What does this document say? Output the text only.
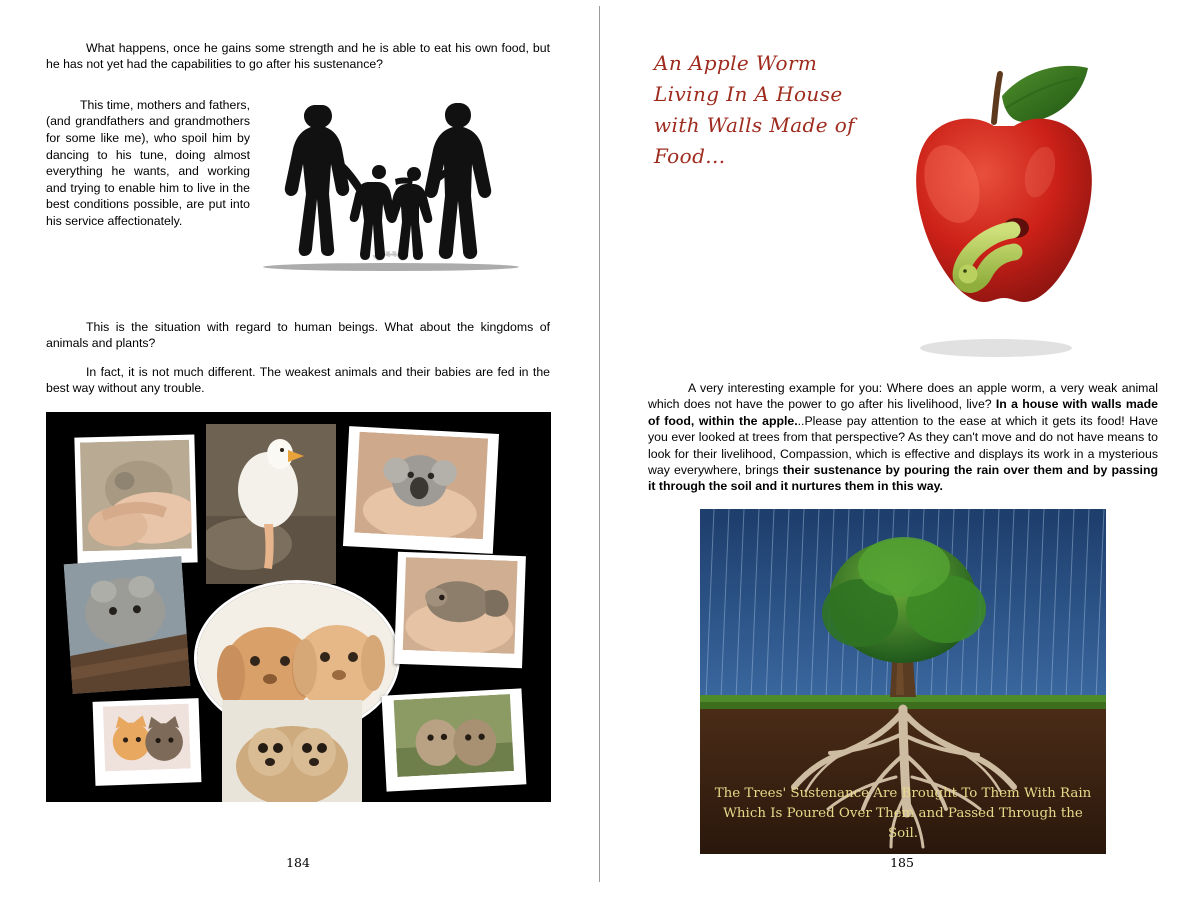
What happens, once he gains some strength and he is able to eat his own food, but he has not yet had the capabilities to go after his sustenance?

This time, mothers and fathers, (and grandfathers and grandmothers for some like me), who spoil him by dancing to his tune, doing almost everything he wants, and working and trying to enable him to live in the best conditions possible, are put into his service affectionately.

This is the situation with regard to human beings. What about the kingdoms of animals and plants?

In fact, it is not much different. The weakest animals and their babies are fed in the best way without any trouble.

184
An Apple Worm Living In A House with Walls Made of Food...

A very interesting example for you: Where does an apple worm, a very weak animal which does not have the power to go after his livelihood, live? In a house with walls made of food, within the apple...Please pay attention to the ease at which it gets its food! Have you ever looked at trees from that perspective? As they can't move and do not have means to look for their livelihood, Compassion, which is effective and displays its work in a mysterious way everywhere, brings their sustenance by pouring the rain over them and by passing it through the soil and it nurtures them in this way.

The Trees' Sustenance Are Brought To Them With Rain Which Is Poured Over Them and Passed Through the Soil.
185
